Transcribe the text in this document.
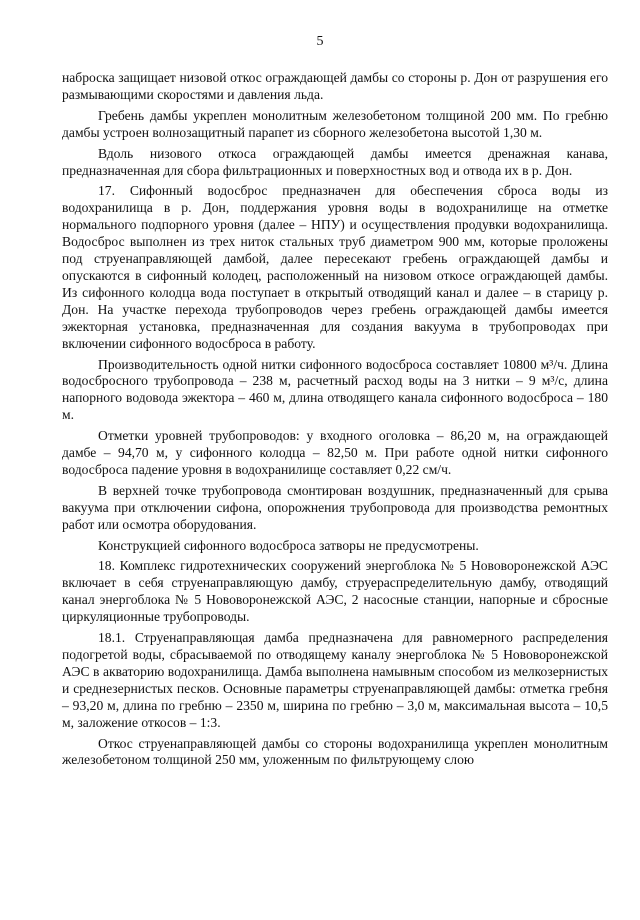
5

наброска защищает низовой откос ограждающей дамбы со стороны р. Дон от разрушения его размывающими скоростями и давления льда.

Гребень дамбы укреплен монолитным железобетоном толщиной 200 мм. По гребню дамбы устроен волнозащитный парапет из сборного железобетона высотой 1,30 м.

Вдоль низового откоса ограждающей дамбы имеется дренажная канава, предназначенная для сбора фильтрационных и поверхностных вод и отвода их в р. Дон.

17. Сифонный водосброс предназначен для обеспечения сброса воды из водохранилища в р. Дон, поддержания уровня воды в водохранилище на отметке нормального подпорного уровня (далее – НПУ) и осуществления продувки водохранилища. Водосброс выполнен из трех ниток стальных труб диаметром 900 мм, которые проложены под струенаправляющей дамбой, далее пересекают гребень ограждающей дамбы и опускаются в сифонный колодец, расположенный на низовом откосе ограждающей дамбы. Из сифонного колодца вода поступает в открытый отводящий канал и далее – в старицу р. Дон. На участке перехода трубопроводов через гребень ограждающей дамбы имеется эжекторная установка, предназначенная для создания вакуума в трубопроводах при включении сифонного водосброса в работу.

Производительность одной нитки сифонного водосброса составляет 10800 м³/ч. Длина водосбросного трубопровода – 238 м, расчетный расход воды на 3 нитки – 9 м³/с, длина напорного водовода эжектора – 460 м, длина отводящего канала сифонного водосброса – 180 м.

Отметки уровней трубопроводов: у входного оголовка – 86,20 м, на ограждающей дамбе – 94,70 м, у сифонного колодца – 82,50 м. При работе одной нитки сифонного водосброса падение уровня в водохранилище составляет 0,22 см/ч.

В верхней точке трубопровода смонтирован воздушник, предназначенный для срыва вакуума при отключении сифона, опорожнения трубопровода для производства ремонтных работ или осмотра оборудования.

Конструкцией сифонного водосброса затворы не предусмотрены.

18. Комплекс гидротехнических сооружений энергоблока № 5 Нововоронежской АЭС включает в себя струенаправляющую дамбу, струераспределительную дамбу, отводящий канал энергоблока № 5 Нововоронежской АЭС, 2 насосные станции, напорные и сбросные циркуляционные трубопроводы.

18.1. Струенаправляющая дамба предназначена для равномерного распределения подогретой воды, сбрасываемой по отводящему каналу энергоблока № 5 Нововоронежской АЭС в акваторию водохранилища. Дамба выполнена намывным способом из мелкозернистых и среднезернистых песков. Основные параметры струенаправляющей дамбы: отметка гребня – 93,20 м, длина по гребню – 2350 м, ширина по гребню – 3,0 м, максимальная высота – 10,5 м, заложение откосов – 1:3.

Откос струенаправляющей дамбы со стороны водохранилища укреплен монолитным железобетоном толщиной 250 мм, уложенным по фильтрующему слою
